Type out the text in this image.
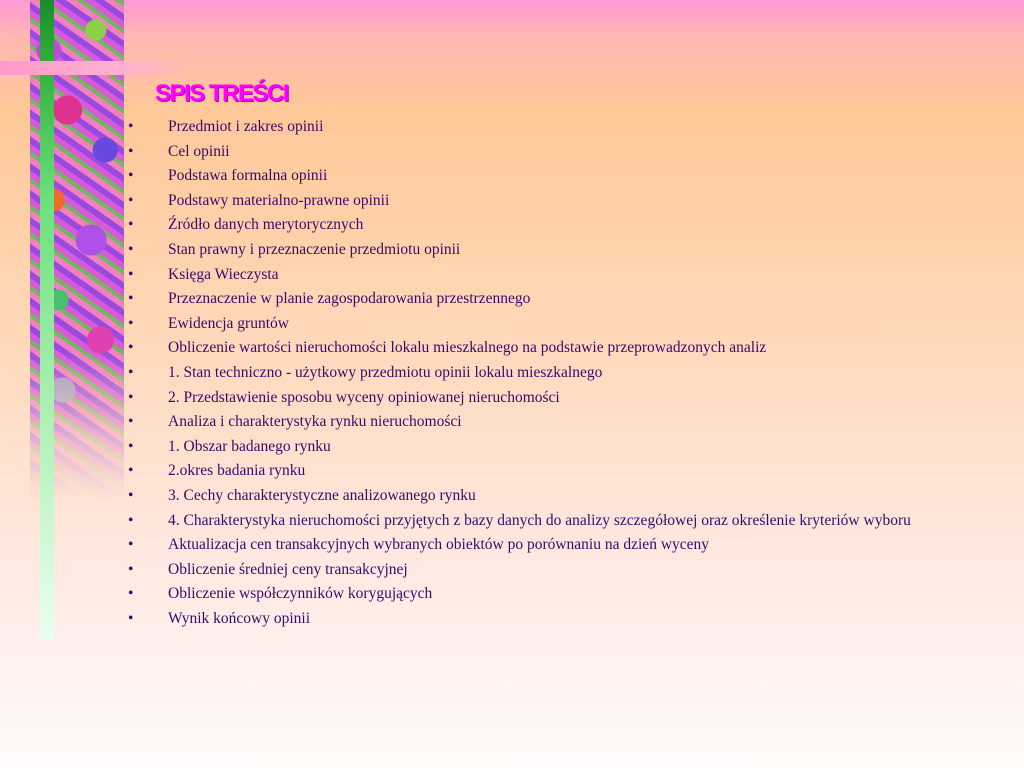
SPIS TREŚCI
•	Przedmiot i zakres opinii
•	Cel opinii
•	Podstawa formalna opinii
•	Podstawy materialno-prawne opinii
•	Źródło danych merytorycznych
•	Stan prawny i przeznaczenie przedmiotu opinii
•	Księga Wieczysta
•	Przeznaczenie w planie zagospodarowania przestrzennego
•	Ewidencja gruntów
•	Obliczenie wartości nieruchomości lokalu mieszkalnego na podstawie przeprowadzonych analiz
•	1. Stan techniczno - użytkowy przedmiotu opinii lokalu mieszkalnego
•	2. Przedstawienie sposobu wyceny opiniowanej nieruchomości
•	Analiza i charakterystyka rynku nieruchomości
•	1. Obszar badanego rynku
•	2.okres badania rynku
•	3. Cechy charakterystyczne analizowanego rynku
•	4. Charakterystyka nieruchomości przyjętych z bazy danych do analizy szczegółowej oraz określenie kryteriów wyboru
•	Aktualizacja cen transakcyjnych wybranych obiektów po porównaniu na dzień wyceny
•	Obliczenie średniej ceny transakcyjnej
•	Obliczenie współczynników korygujących
•	Wynik końcowy opinii
